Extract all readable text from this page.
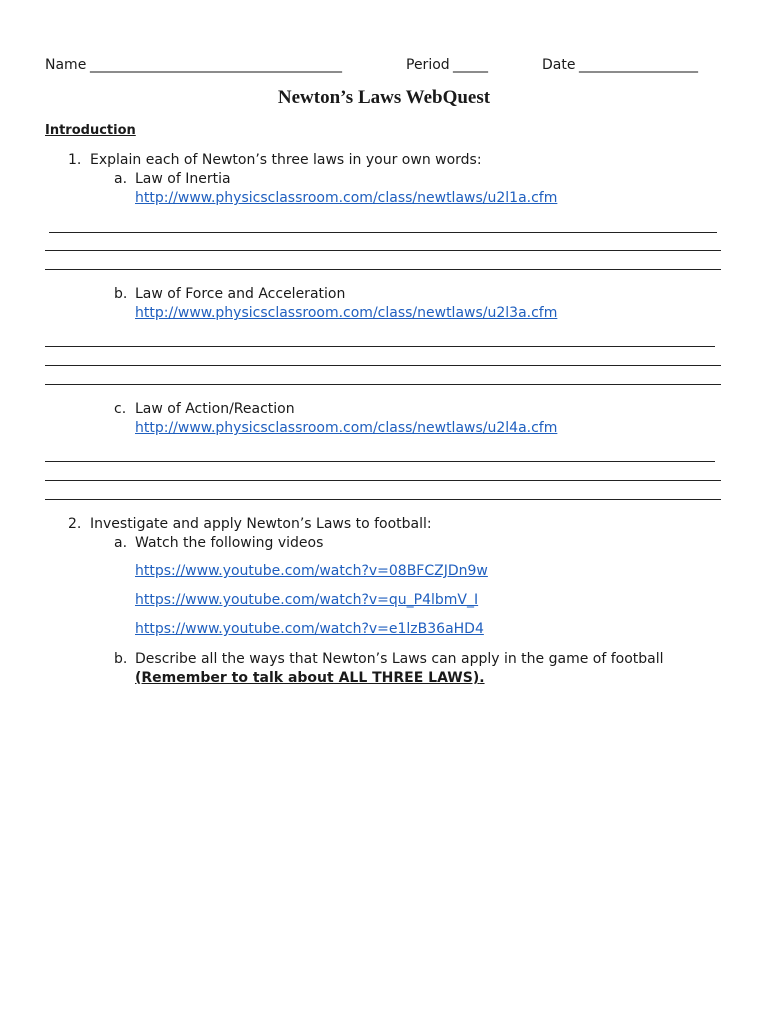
Name ____________________________________	Period _____	Date _________________
Newton’s Laws WebQuest
Introduction
1. Explain each of Newton’s three laws in your own words:
a. Law of Inertia
http://www.physicsclassroom.com/class/newtlaws/u2l1a.cfm
b. Law of Force and Acceleration
http://www.physicsclassroom.com/class/newtlaws/u2l3a.cfm
c. Law of Action/Reaction
http://www.physicsclassroom.com/class/newtlaws/u2l4a.cfm
2. Investigate and apply Newton’s Laws to football:
a. Watch the following videos
https://www.youtube.com/watch?v=08BFCZJDn9w
https://www.youtube.com/watch?v=qu_P4lbmV_I
https://www.youtube.com/watch?v=e1lzB36aHD4
b. Describe all the ways that Newton’s Laws can apply in the game of football
(Remember to talk about ALL THREE LAWS).
